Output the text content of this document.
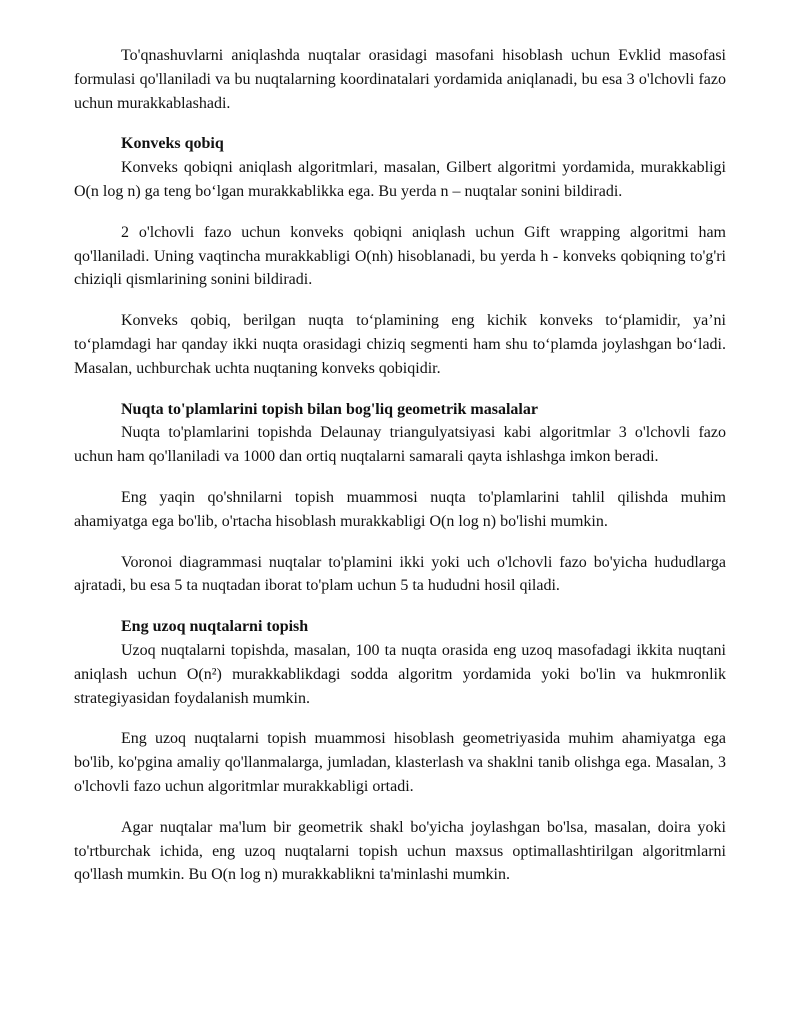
To'qnashuvlarni aniqlashda nuqtalar orasidagi masofani hisoblash uchun Evklid masofasi formulasi qo'llaniladi va bu nuqtalarning koordinatalari yordamida aniqlanadi, bu esa 3 o'lchovli fazo uchun murakkablashadi.

Konveks qobiq

Konveks qobiqni aniqlash algoritmlari, masalan, Gilbert algoritmi yordamida, murakkabligi O(n log n) ga teng bo‘lgan murakkablikka ega. Bu yerda n – nuqtalar sonini bildiradi.

2 o'lchovli fazo uchun konveks qobiqni aniqlash uchun Gift wrapping algoritmi ham qo'llaniladi. Uning vaqtincha murakkabligi O(nh) hisoblanadi, bu yerda h - konveks qobiqning to'g'ri chiziqli qismlarining sonini bildiradi.

Konveks qobiq, berilgan nuqta to‘plamining eng kichik konveks to‘plamidir, ya’ni to‘plamdagi har qanday ikki nuqta orasidagi chiziq segmenti ham shu to‘plamda joylashgan bo‘ladi. Masalan, uchburchak uchta nuqtaning konveks qobiqidir.

Nuqta to'plamlarini topish bilan bog'liq geometrik masalalar

Nuqta to'plamlarini topishda Delaunay triangulyatsiyasi kabi algoritmlar 3 o'lchovli fazo uchun ham qo'llaniladi va 1000 dan ortiq nuqtalarni samarali qayta ishlashga imkon beradi.

Eng yaqin qo'shnilarni topish muammosi nuqta to'plamlarini tahlil qilishda muhim ahamiyatga ega bo'lib, o'rtacha hisoblash murakkabligi O(n log n) bo'lishi mumkin.

Voronoi diagrammasi nuqtalar to'plamini ikki yoki uch o'lchovli fazo bo'yicha hududlarga ajratadi, bu esa 5 ta nuqtadan iborat to'plam uchun 5 ta hududni hosil qiladi.

Eng uzoq nuqtalarni topish

Uzoq nuqtalarni topishda, masalan, 100 ta nuqta orasida eng uzoq masofadagi ikkita nuqtani aniqlash uchun O(n²) murakkablikdagi sodda algoritm yordamida yoki bo'lin va hukmronlik strategiyasidan foydalanish mumkin.

Eng uzoq nuqtalarni topish muammosi hisoblash geometriyasida muhim ahamiyatga ega bo'lib, ko'pgina amaliy qo'llanmalarga, jumladan, klasterlash va shaklni tanib olishga ega. Masalan, 3 o'lchovli fazo uchun algoritmlar murakkabligi ortadi.

Agar nuqtalar ma'lum bir geometrik shakl bo'yicha joylashgan bo'lsa, masalan, doira yoki to'rtburchak ichida, eng uzoq nuqtalarni topish uchun maxsus optimallashtirilgan algoritmlarni qo'llash mumkin. Bu O(n log n) murakkablikni ta'minlashi mumkin.
